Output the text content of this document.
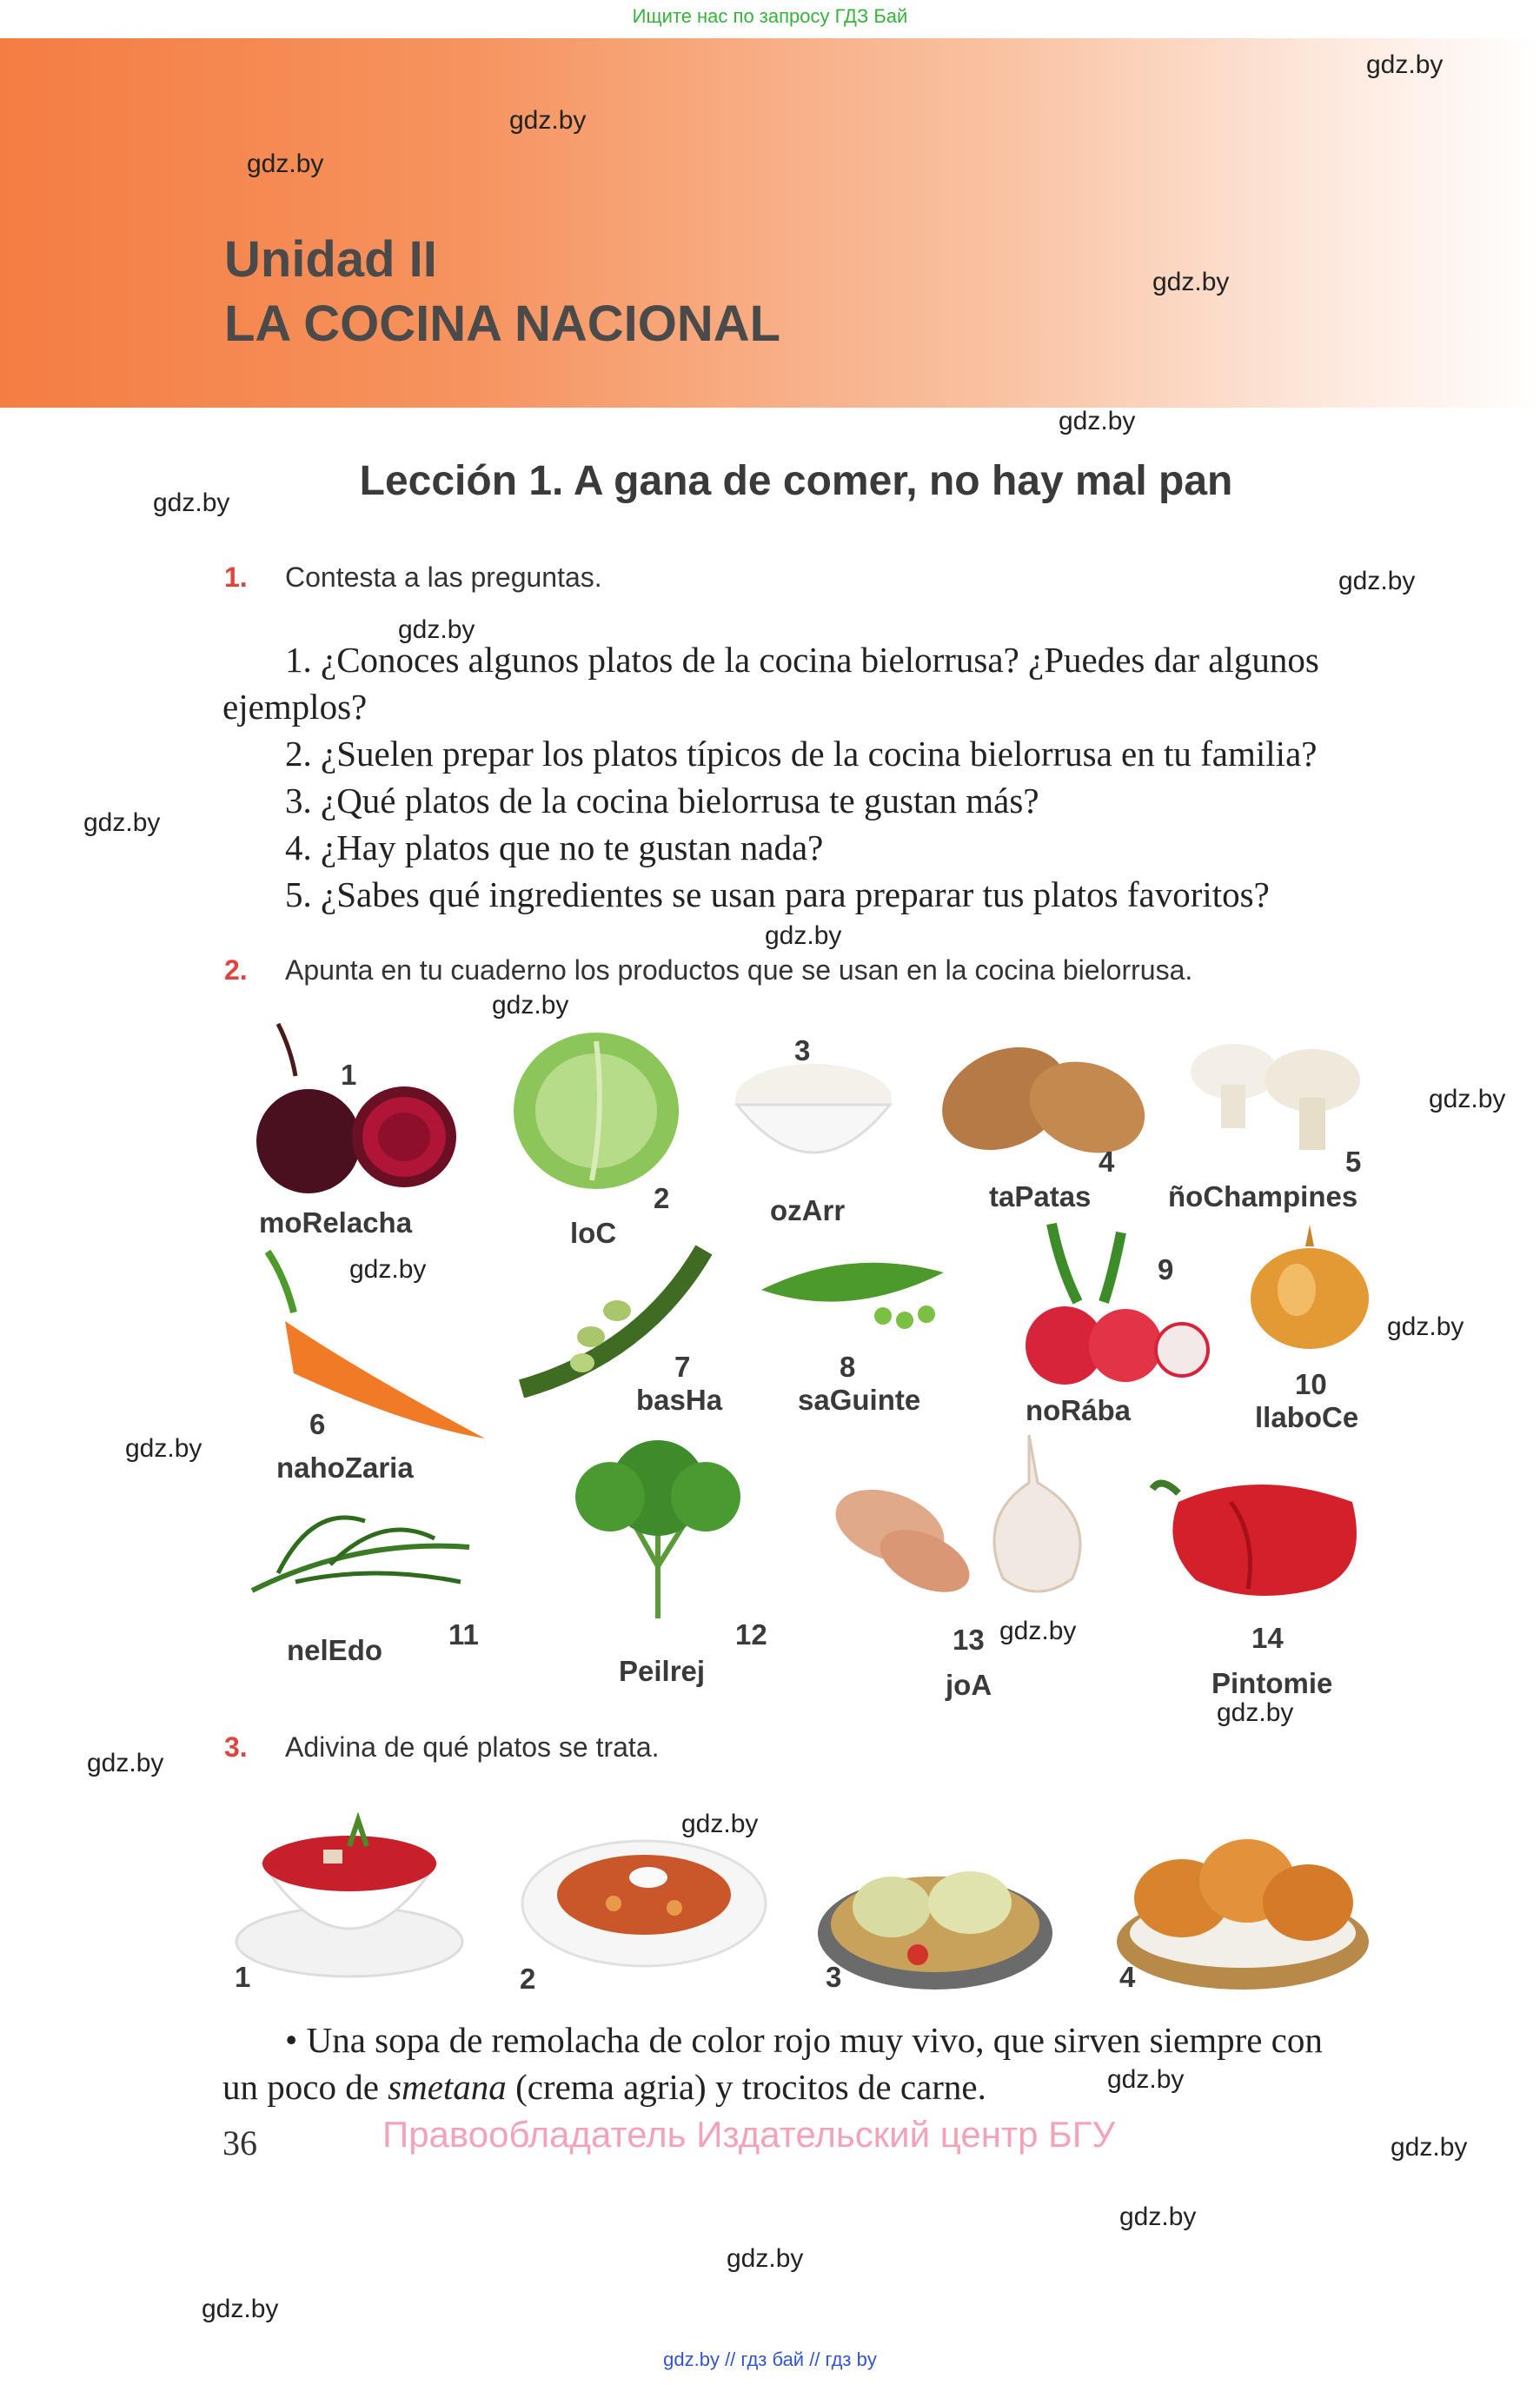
Ищите нас по запросу ГДЗ Бай
Unidad II
LA COCINA NACIONAL
gdz.by
gdz.by
gdz.by
gdz.by
gdz.by
gdz.by
gdz.by
gdz.by
gdz.by
gdz.by
gdz.by
gdz.by
gdz.by
gdz.by
gdz.by
gdz.by
gdz.by
gdz.by
gdz.by
gdz.by
gdz.by
gdz.by
gdz.by
gdz.by
Lección 1. A gana de comer, no hay mal pan
1. Contesta a las preguntas.
1. ¿Conoces algunos platos de la cocina bielorrusa? ¿Puedes dar algunos
ejemplos?
2. ¿Suelen prepar los platos típicos de la cocina bielorrusa en tu familia?
3. ¿Qué platos de la cocina bielorrusa te gustan más?
4. ¿Hay platos que no te gustan nada?
5. ¿Sabes qué ingredientes se usan para preparar tus platos favoritos?
2. Apunta en tu cuaderno los productos que se usan en la cocina bielorrusa.
1
moRelacha
2
loC
3
ozArr
4
taPatas
5
ñoChampines
9
7
basHa
8
saGuinte	noRába
10
llaboCe
6
nahoZaria
11
nelEdo	12
Peilrej
13
joA
14
Pintomie
3. Adivina de qué platos se trata.
1	2	3	4
• Una sopa de remolacha de color rojo muy vivo, que sirven siempre con
un poco de smetana (crema agria) y trocitos de carne.
36	Правообладатель Издательский центр БГУ
gdz.by // гдз бай // гдз by
